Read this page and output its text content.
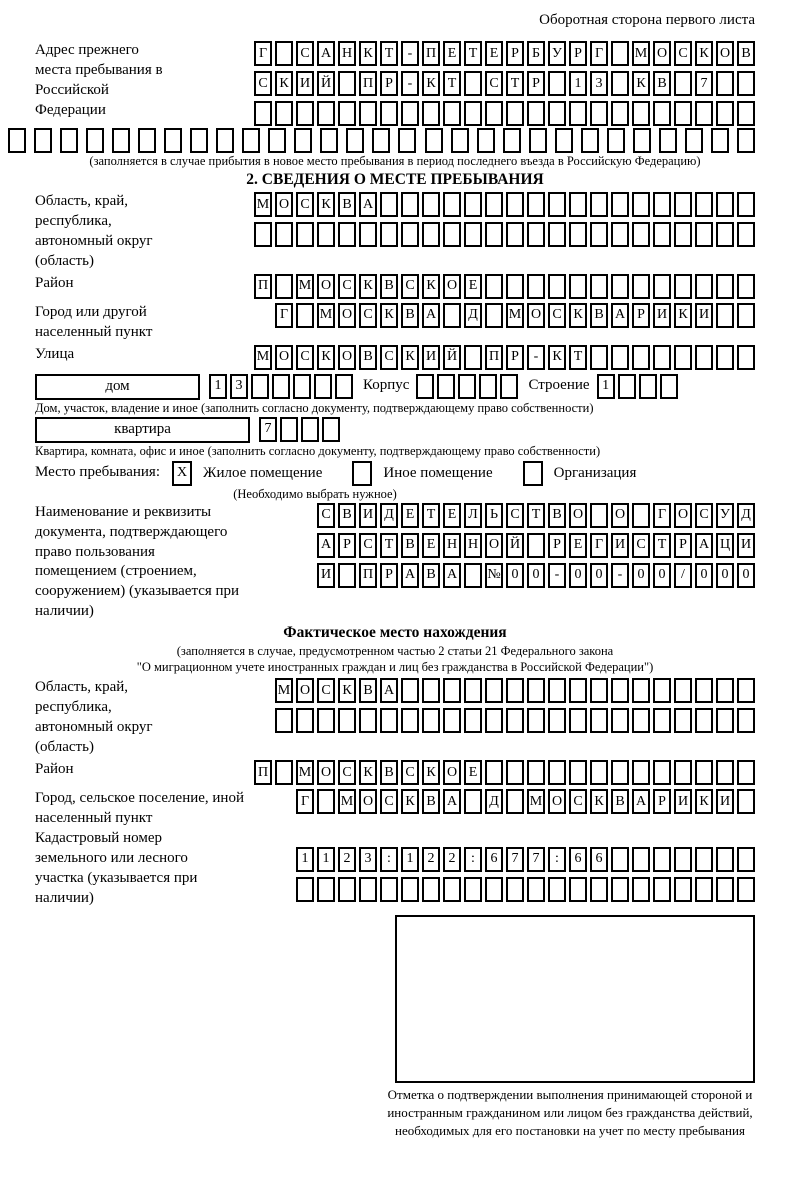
Оборотная сторона первого листа
Адрес прежнего места пребывания в Российской Федерации
Г	С А Н К Т	- П Е Т Е Р Б У Р Г	М О С К О В
С К И Й П Р	-	К Т	С Т Р	1	3	К В	7
(заполняется в случае прибытия в новое место пребывания в период последнего въезда в Российскую Федерацию)
2. СВЕДЕНИЯ О МЕСТЕ ПРЕБЫВАНИЯ
Область, край, республика, автономный округ (область)
М О С К В А
Район	П М О С К В С К О Е
Город или другой населенный пункт
Г	М О С К В А	Д	М О С К В А Р И К И
Улица	М О С К О В С К И Й П Р	-	К Т
дом	1	3	Корпус	Строение 1
Дом, участок, владение и иное (заполнить согласно документу, подтверждающему право собственности)
квартира	7
Квартира, комната, офис и иное (заполнить согласно документу, подтверждающему право собственности)
Место пребывания:	X	Жилое помещение	Иное помещение	Организация
(Необходимо выбрать нужное)
Наименование и реквизиты документа, подтверждающего право пользования помещением (строением, сооружением) (указывается при наличии)
С В И Д Е Т Е Л Ь С Т В О О	Г О С У Д
А Р С Т В Е Н Н О Й	Р Е Г И С Т Р А Ц И
И П Р А В А № 0	0	-	0	0	-	0	0	/	0	0	0
Фактическое место нахождения
(заполняется в случае, предусмотренном частью 2 статьи 21 Федерального закона
"О миграционном учете иностранных граждан и лиц без гражданства в Российской Федерации")
Область, край, республика, автономный округ (область)
М О С К В А
Район	П М О С К В С К О Е
Город, сельское поселение, иной населенный пункт
Г	М О С К В А	Д	М О С К В А Р И К И
Кадастровый номер земельного или лесного участка (указывается при наличии)
1	1	2	3	:	1	2	2	:	6	7	7	:	6	6
Отметка о подтверждении выполнения принимающей стороной и иностранным гражданином или лицом без гражданства действий, необходимых для его постановки на учет по месту пребывания
